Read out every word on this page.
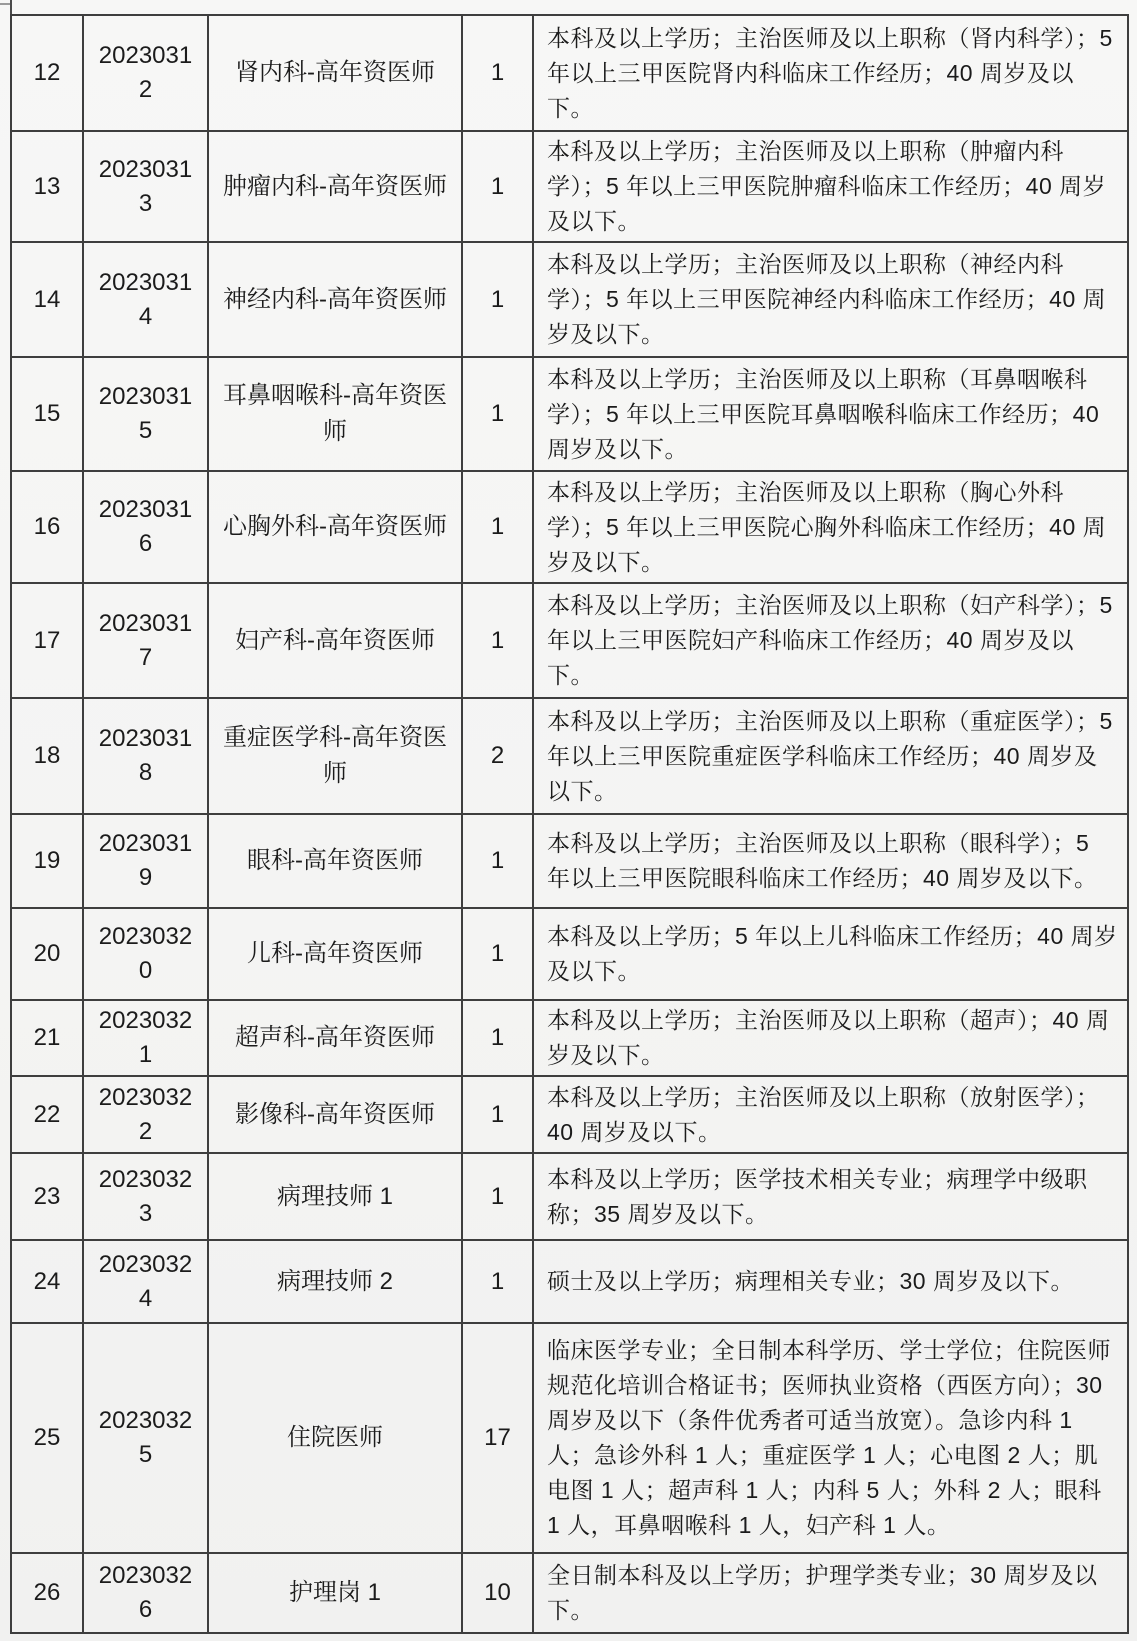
12	20230312	肾内科-高年资医师	1	本科及以上学历；主治医师及以上职称（肾内科学）；5 年以上三甲医院肾内科临床工作经历；40 周岁及以下。
13	20230313	肿瘤内科-高年资医师	1	本科及以上学历；主治医师及以上职称（肿瘤内科学）；5 年以上三甲医院肿瘤科临床工作经历；40 周岁及以下。
14	20230314	神经内科-高年资医师	1	本科及以上学历；主治医师及以上职称（神经内科学）；5 年以上三甲医院神经内科临床工作经历；40 周岁及以下。
15	20230315	耳鼻咽喉科-高年资医师	1	本科及以上学历；主治医师及以上职称（耳鼻咽喉科学）；5 年以上三甲医院耳鼻咽喉科临床工作经历；40 周岁及以下。
16	20230316	心胸外科-高年资医师	1	本科及以上学历；主治医师及以上职称（胸心外科学）；5 年以上三甲医院心胸外科临床工作经历；40 周岁及以下。
17	20230317	妇产科-高年资医师	1	本科及以上学历；主治医师及以上职称（妇产科学）；5 年以上三甲医院妇产科临床工作经历；40 周岁及以下。
18	20230318	重症医学科-高年资医师	2	本科及以上学历；主治医师及以上职称（重症医学）；5 年以上三甲医院重症医学科临床工作经历；40 周岁及以下。
19	20230319	眼科-高年资医师	1	本科及以上学历；主治医师及以上职称（眼科学）；5 年以上三甲医院眼科临床工作经历；40 周岁及以下。
20	20230320	儿科-高年资医师	1	本科及以上学历；5 年以上儿科临床工作经历；40 周岁及以下。
21	20230321	超声科-高年资医师	1	本科及以上学历；主治医师及以上职称（超声）；40 周岁及以下。
22	20230322	影像科-高年资医师	1	本科及以上学历；主治医师及以上职称（放射医学）；40 周岁及以下。
23	20230323	病理技师 1	1	本科及以上学历；医学技术相关专业；病理学中级职称；35 周岁及以下。
24	20230324	病理技师 2	1	硕士及以上学历；病理相关专业；30 周岁及以下。
25	20230325	住院医师	17	临床医学专业；全日制本科学历、学士学位；住院医师规范化培训合格证书；医师执业资格（西医方向）；30 周岁及以下（条件优秀者可适当放宽）。急诊内科 1 人；急诊外科 1 人；重症医学 1 人；心电图 2 人；肌电图 1 人；超声科 1 人；内科 5 人；外科 2 人；眼科 1 人，耳鼻咽喉科 1 人，妇产科 1 人。
26	20230326	护理岗 1	10	全日制本科及以上学历；护理学类专业；30 周岁及以下。
